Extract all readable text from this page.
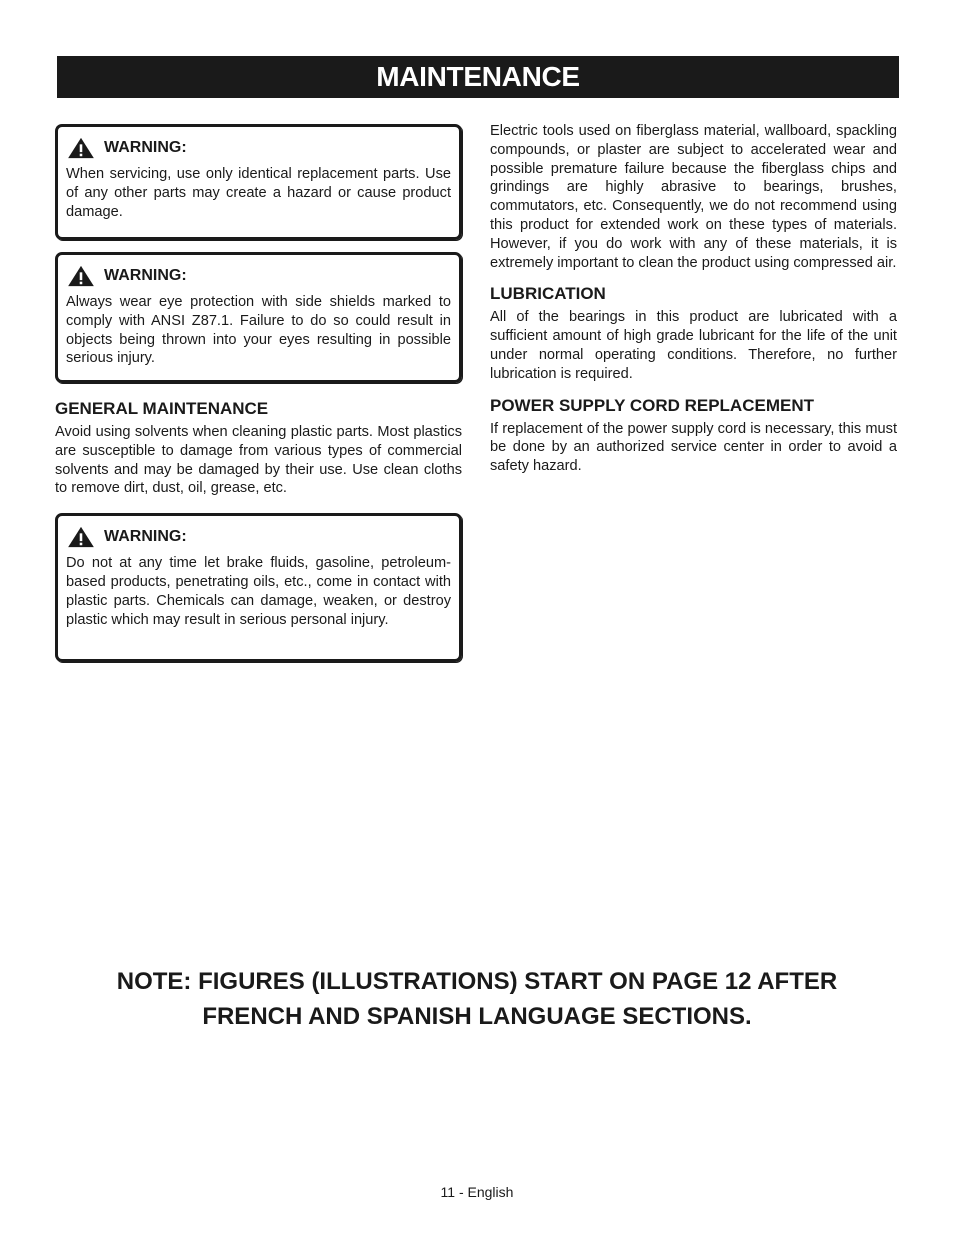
MAINTENANCE
WARNING:
When servicing, use only identical replacement parts. Use of any other parts may create a hazard or cause product damage.
WARNING:
Always wear eye protection with side shields marked to comply with ANSI Z87.1. Failure to do so could result in objects being thrown into your eyes resulting in possible serious injury.
GENERAL MAINTENANCE

Avoid using solvents when cleaning plastic parts. Most plastics are susceptible to damage from various types of commercial solvents and may be damaged by their use. Use clean cloths to remove dirt, dust, oil, grease, etc.

WARNING:
Do not at any time let brake fluids, gasoline, petroleum-based products, penetrating oils, etc., come in contact with plastic parts. Chemicals can damage, weaken, or destroy plastic which may result in serious personal injury.

Electric tools used on fiberglass material, wallboard, spackling compounds, or plaster are subject to accelerated wear and possible premature failure because the fiberglass chips and grindings are highly abrasive to bearings, brushes, commutators, etc. Consequently, we do not recommend using this product for extended work on these types of materials. However, if you do work with any of these materials, it is extremely important to clean the product using compressed air.

LUBRICATION

All of the bearings in this product are lubricated with a sufficient amount of high grade lubricant for the life of the unit under normal operating conditions. Therefore, no further lubrication is required.

POWER SUPPLY CORD REPLACEMENT

If replacement of the power supply cord is necessary, this must be done by an authorized service center in order to avoid a safety hazard.

NOTE: FIGURES (ILLUSTRATIONS) START ON PAGE 12 AFTER
FRENCH AND SPANISH LANGUAGE SECTIONS.
11 - English
